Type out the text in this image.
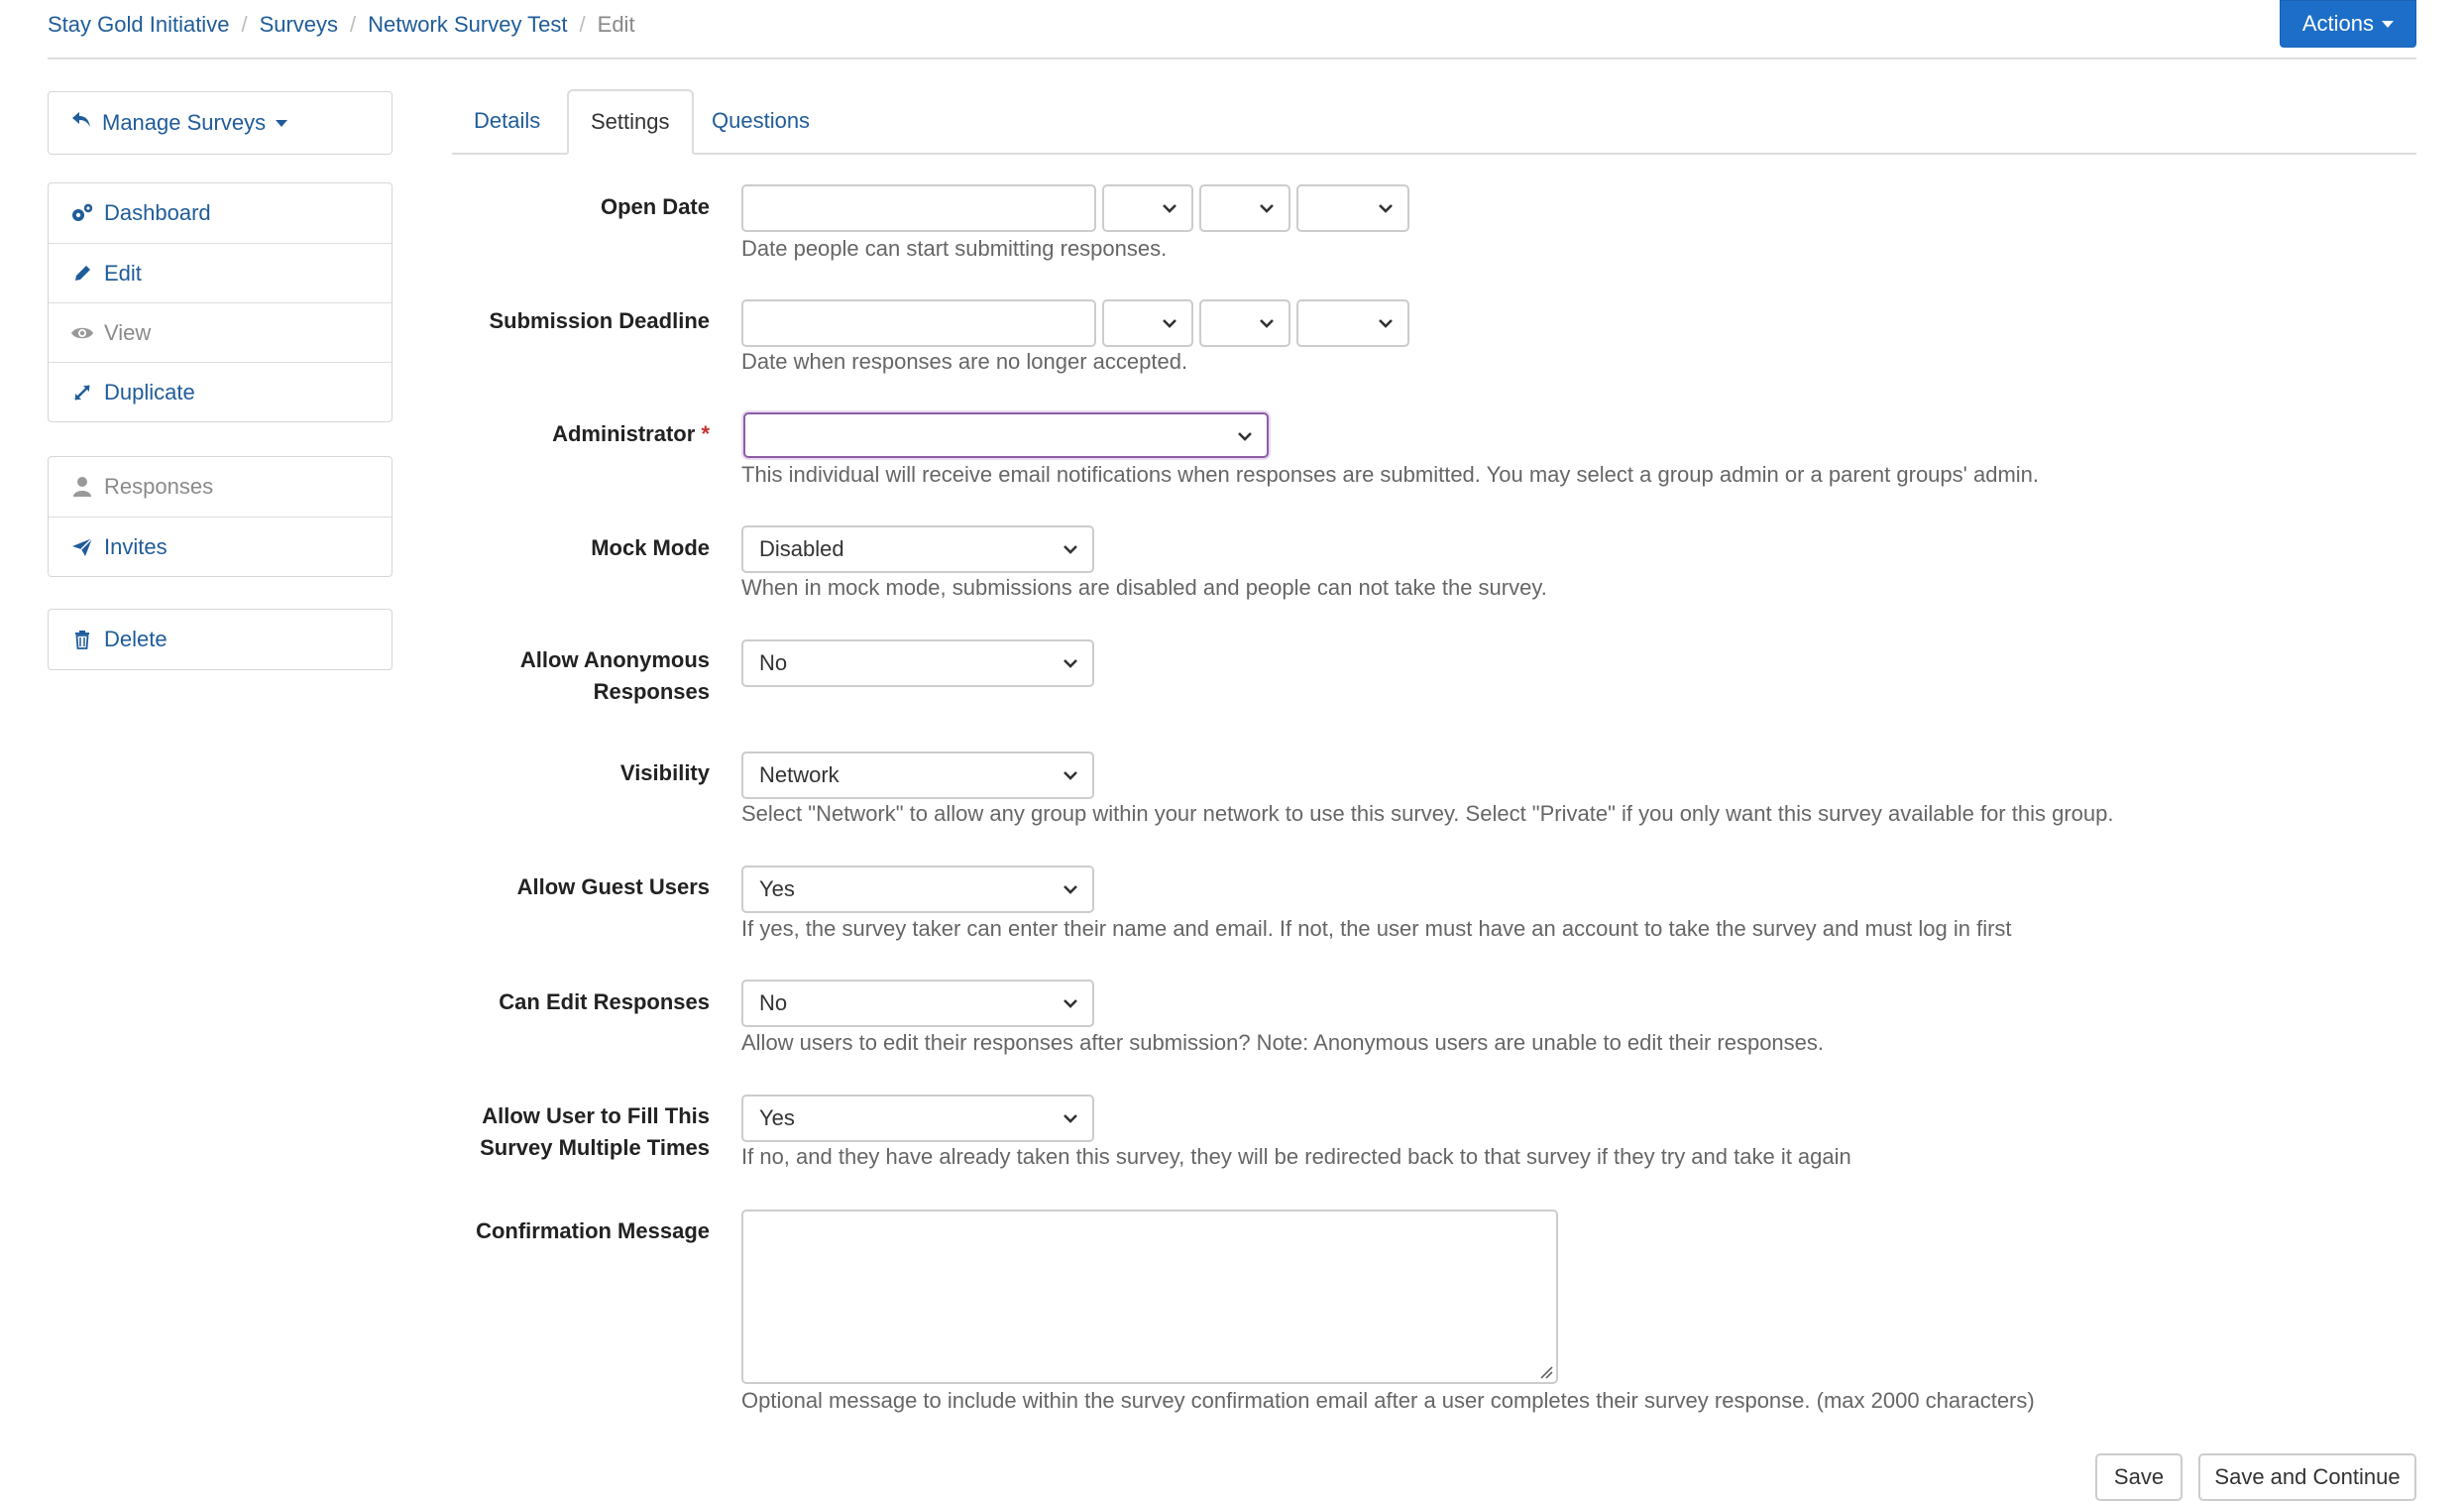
Stay Gold Initiative / Surveys / Network Survey Test / Edit	Actions
Manage Surveys
Dashboard
Edit
View
Duplicate
Responses
Invites
Delete
Details Settings Questions
Open Date
Date people can start submitting responses.
Submission Deadline
Date when responses are no longer accepted.
Administrator *
This individual will receive email notifications when responses are submitted. You may select a group admin or a parent groups' admin.
Mock Mode Disabled
When in mock mode, submissions are disabled and people can not take the survey.
Allow Anonymous
Responses
No
Visibility Network
Select "Network" to allow any group within your network to use this survey. Select "Private" if you only want this survey available for this group.
Allow Guest Users Yes
If yes, the survey taker can enter their name and email. If not, the user must have an account to take the survey and must log in first
Can Edit Responses No
Allow users to edit their responses after submission? Note: Anonymous users are unable to edit their responses.
Allow User to Fill This
Survey Multiple Times
Yes
If no, and they have already taken this survey, they will be redirected back to that survey if they try and take it again
Confirmation Message
Optional message to include within the survey confirmation email after a user completes their survey response. (max 2000 characters)
Save Save and Continue
